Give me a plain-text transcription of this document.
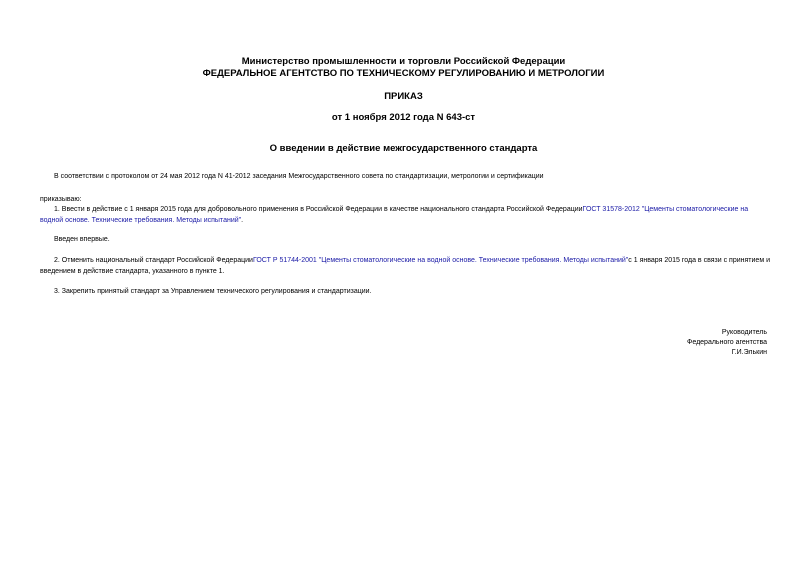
Министерство промышленности и торговли Российской Федерации
ФЕДЕРАЛЬНОЕ АГЕНТСТВО ПО ТЕХНИЧЕСКОМУ РЕГУЛИРОВАНИЮ И МЕТРОЛОГИИ
ПРИКАЗ
от 1 ноября 2012 года N 643-ст
О введении в действие межгосударственного стандарта
В соответствии с протоколом от 24 мая 2012 года N 41-2012 заседания Межгосударственного совета по стандартизации, метрологии и сертификации
приказываю:
1. Ввести в действие с 1 января 2015 года для добровольного применения в Российской Федерации в качестве национального стандарта Российской ФедерацииГОСТ 31578-2012 "Цементы стоматологические на водной основе. Технические требования. Методы испытаний".
Введен впервые.
2. Отменить национальный стандарт Российской ФедерацииГОСТ Р 51744-2001 "Цементы стоматологические на водной основе. Технические требования. Методы испытаний"с 1 января 2015 года в связи с принятием и введением в действие стандарта, указанного в пункте 1.
3. Закрепить принятый стандарт за Управлением технического регулирования и стандартизации.
Руководитель
Федерального агентства
Г.И.Элькин
